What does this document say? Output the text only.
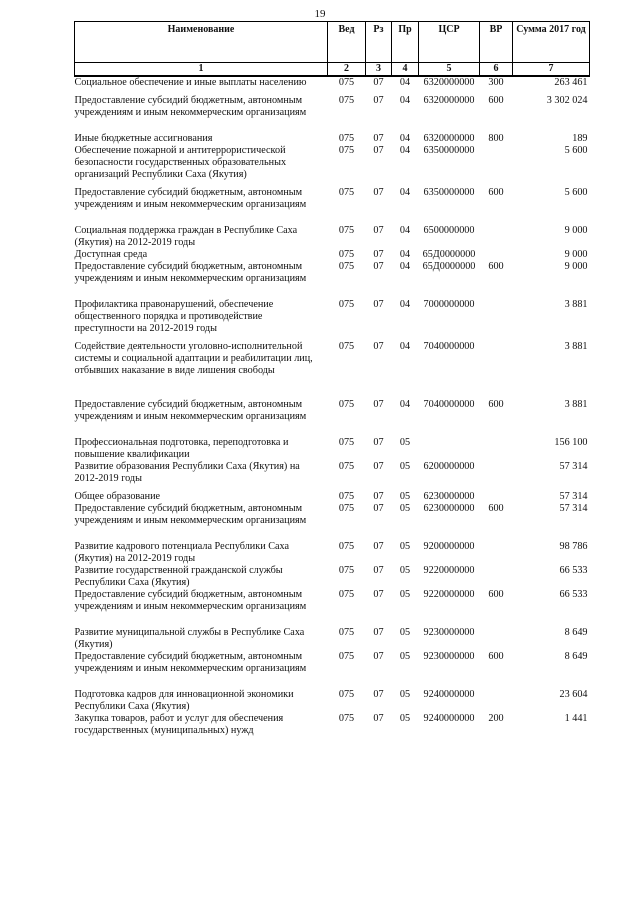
19
Наименование	Вед	Рз	Пр	ЦСР	ВР	Сумма 2017 год
1	2	3	4	5	6	7
Социальное обеспечение и иные выплаты населению	075	07	04	6320000000	300	263 461
Предоставление субсидий бюджетным, автономным учреждениям и иным некоммерческим организациям	075	07	04	6320000000	600	3 302 024
Иные бюджетные ассигнования	075	07	04	6320000000	800	189
Обеспечение пожарной и антитеррористической безопасности государственных образовательных организаций Республики Саха (Якутия)	075	07	04	6350000000		5 600
Предоставление субсидий бюджетным, автономным учреждениям и иным некоммерческим организациям	075	07	04	6350000000	600	5 600
Социальная поддержка граждан в Республике Саха (Якутия) на 2012-2019 годы	075	07	04	6500000000		9 000
Доступная среда	075	07	04	65Д0000000		9 000
Предоставление субсидий бюджетным, автономным учреждениям и иным некоммерческим организациям	075	07	04	65Д0000000	600	9 000
Профилактика правонарушений, обеспечение общественного порядка и противодействие преступности на 2012-2019 годы	075	07	04	7000000000		3 881
Содействие деятельности уголовно-исполнительной системы и социальной адаптации и реабилитации лиц, отбывших наказание в виде лишения свободы	075	07	04	7040000000		3 881
Предоставление субсидий бюджетным, автономным учреждениям и иным некоммерческим организациям	075	07	04	7040000000	600	3 881
Профессиональная подготовка, переподготовка и повышение квалификации	075	07	05			156 100
Развитие образования Республики Саха (Якутия) на 2012-2019 годы	075	07	05	6200000000		57 314
Общее образование	075	07	05	6230000000		57 314
Предоставление субсидий бюджетным, автономным учреждениям и иным некоммерческим организациям	075	07	05	6230000000	600	57 314
Развитие кадрового потенциала Республики Саха (Якутия) на 2012-2019 годы	075	07	05	9200000000		98 786
Развитие государственной гражданской службы Республики Саха (Якутия)	075	07	05	9220000000		66 533
Предоставление субсидий бюджетным, автономным учреждениям и иным некоммерческим организациям	075	07	05	9220000000	600	66 533
Развитие муниципальной службы в Республике Саха (Якутия)	075	07	05	9230000000		8 649
Предоставление субсидий бюджетным, автономным учреждениям и иным некоммерческим организациям	075	07	05	9230000000	600	8 649
Подготовка кадров для инновационной экономики Республики Саха (Якутия)	075	07	05	9240000000		23 604
Закупка товаров, работ и услуг для обеспечения государственных (муниципальных) нужд	075	07	05	9240000000	200	1 441
